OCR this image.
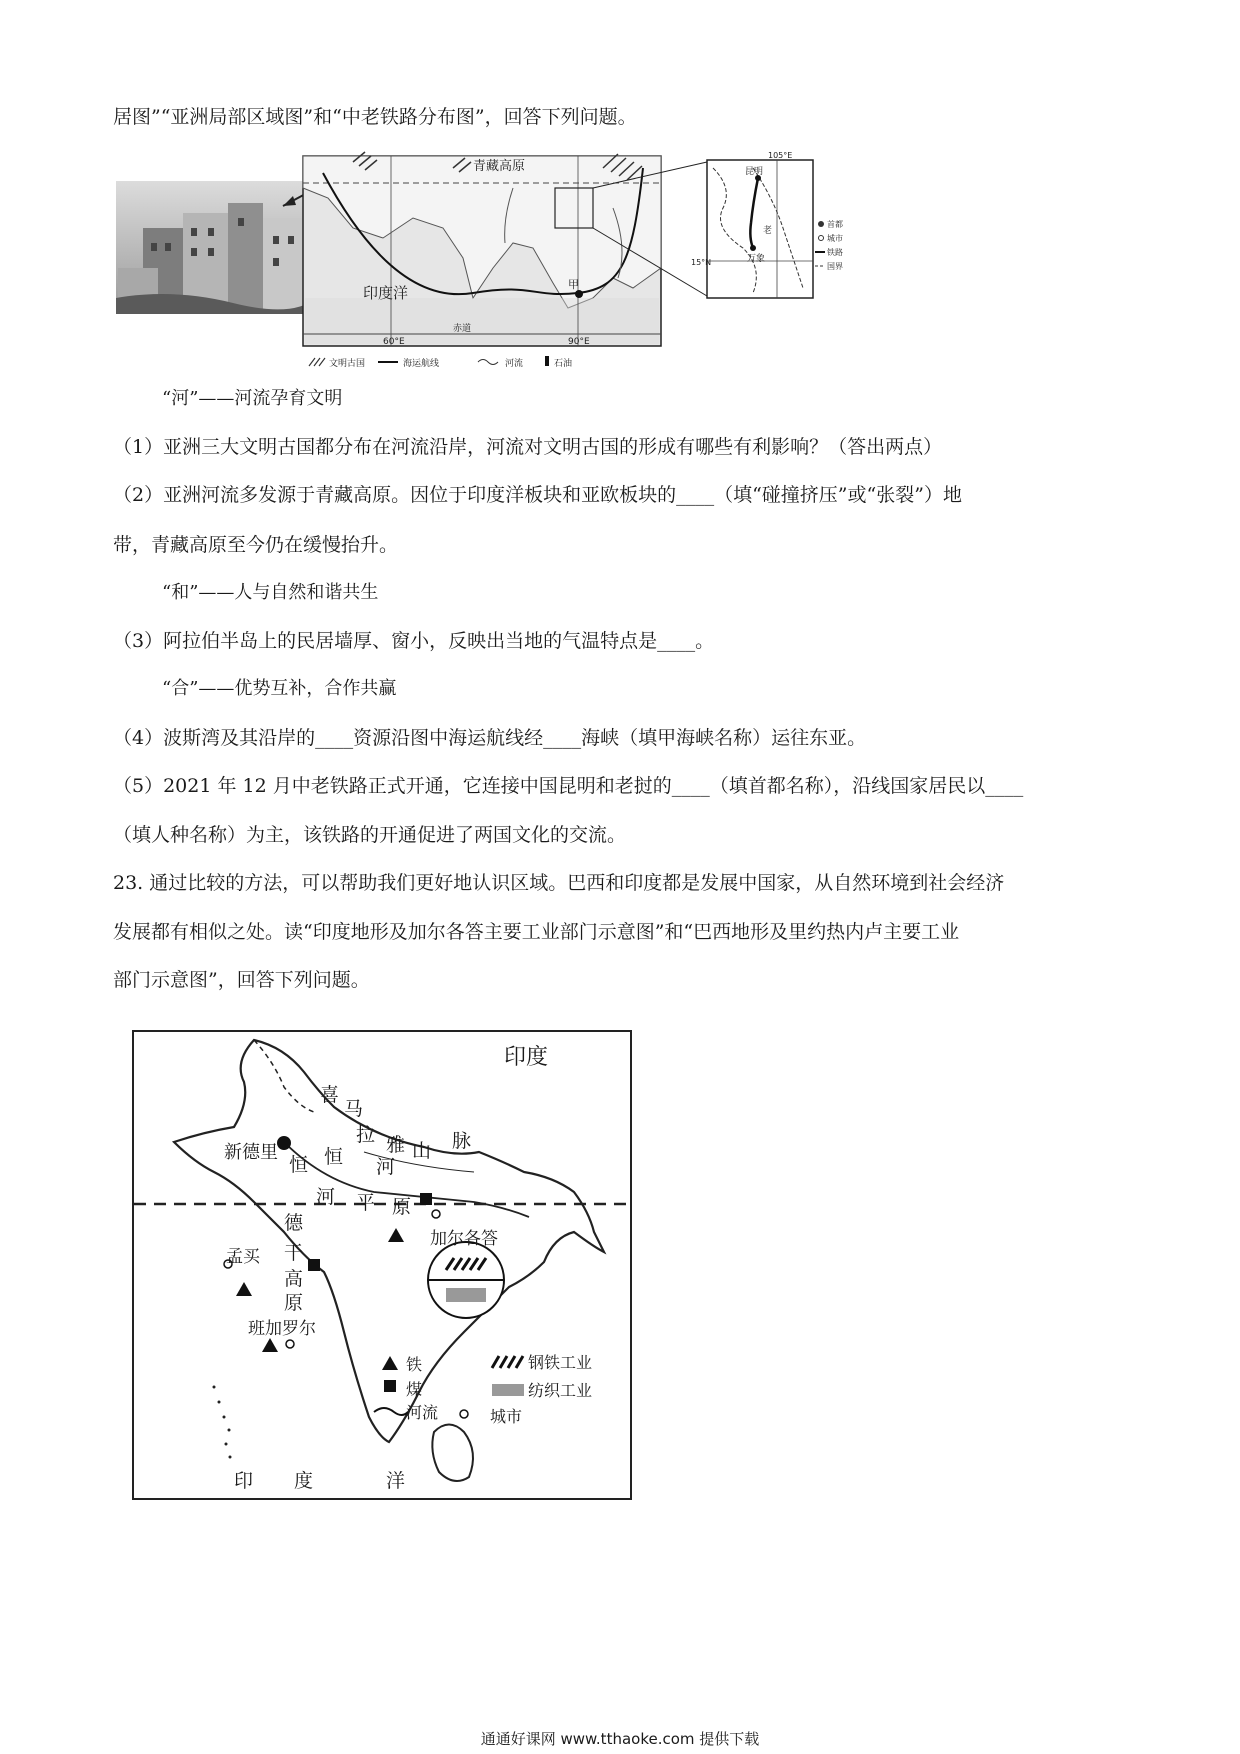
居图”“亚洲局部区域图”和“中老铁路分布图”，回答下列问题。
青藏高原
印度洋	甲
赤道
60°E	90°E
文明古国	海运航线	河流	石油
昆明
万象
老
105°E
15°N
首都
城市
铁路
国界
“河”——河流孕育文明
（1）亚洲三大文明古国都分布在河流沿岸，河流对文明古国的形成有哪些有利影响？（答出两点）
（2）亚洲河流多发源于青藏高原。因位于印度洋板块和亚欧板块的____（填“碰撞挤压”或“张裂”）地
带，青藏高原至今仍在缓慢抬升。
“和”——人与自然和谐共生
（3）阿拉伯半岛上的民居墙厚、窗小，反映出当地的气温特点是____。
“合”——优势互补，合作共赢
（4）波斯湾及其沿岸的____资源沿图中海运航线经____海峡（填甲海峡名称）运往东亚。
（5）2021 年 12 月中老铁路正式开通，它连接中国昆明和老挝的____（填首都名称），沿线国家居民以____
（填人种名称）为主，该铁路的开通促进了两国文化的交流。
23. 通过比较的方法，可以帮助我们更好地认识区域。巴西和印度都是发展中国家，从自然环境到社会经济
发展都有相似之处。读“印度地形及加尔各答主要工业部门示意图”和“巴西地形及里约热内卢主要工业
部门示意图”，回答下列问题。
印度
喜
马
拉 雅 山 脉
新德里
恒 恒 河
河 平 原
德
干
高
原
孟买
加尔各答
班加罗尔
印 度	洋
铁
煤
河流
钢铁工业
纺织工业
城市
通通好课网 www.tthaoke.com 提供下载
